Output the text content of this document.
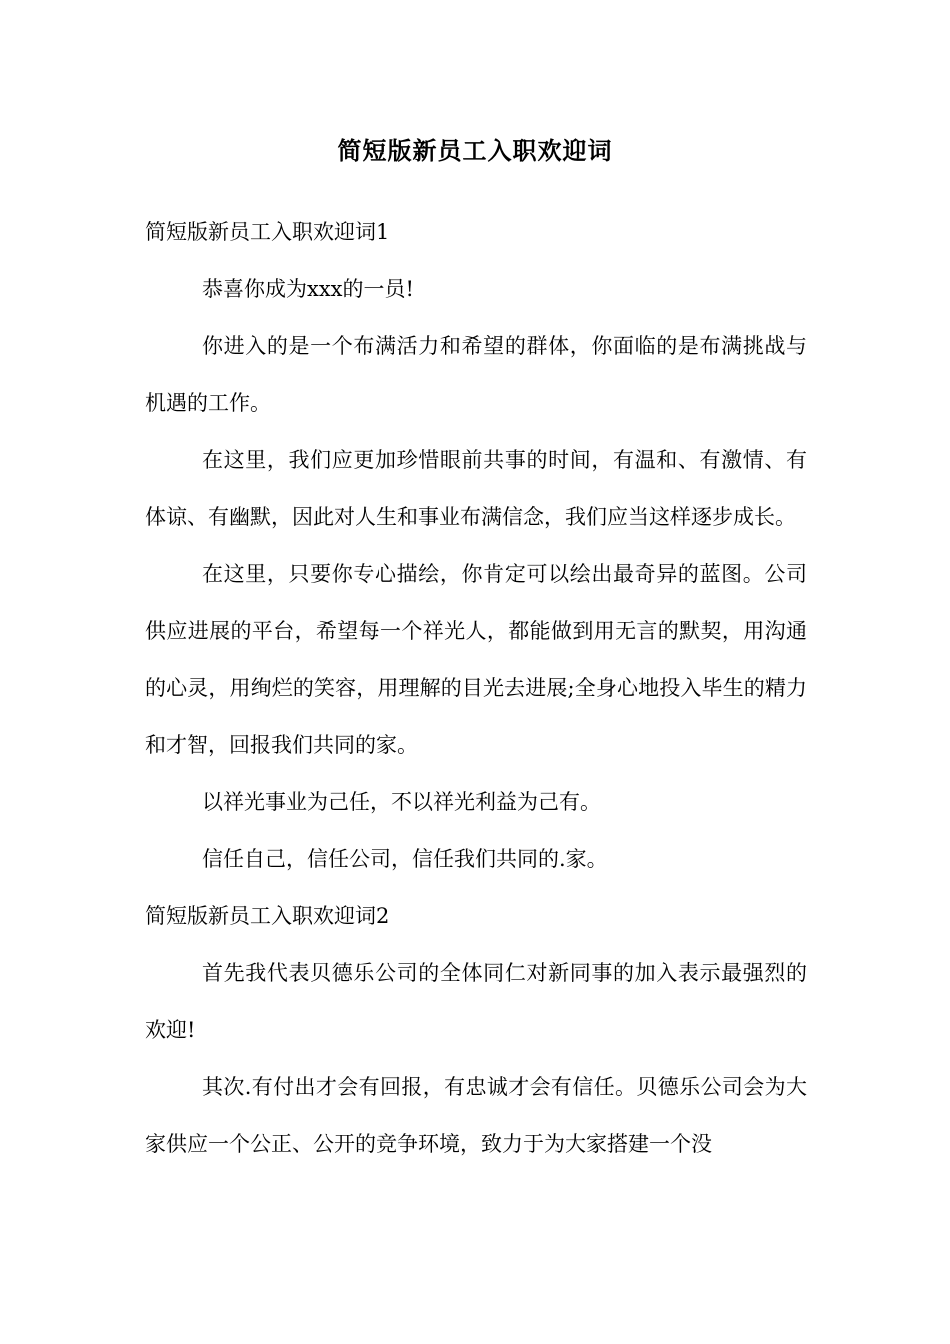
简短版新员工入职欢迎词

简短版新员工入职欢迎词1

恭喜你成为xxx的一员!

你进入的是一个布满活力和希望的群体，你面临的是布满挑战与机遇的工作。

在这里，我们应更加珍惜眼前共事的时间，有温和、有激情、有体谅、有幽默，因此对人生和事业布满信念，我们应当这样逐步成长。

在这里，只要你专心描绘，你肯定可以绘出最奇异的蓝图。公司供应进展的平台，希望每一个祥光人，都能做到用无言的默契，用沟通的心灵，用绚烂的笑容，用理解的目光去进展;全身心地投入毕生的精力和才智，回报我们共同的家。

以祥光事业为己任，不以祥光利益为己有。

信任自己，信任公司，信任我们共同的.家。

简短版新员工入职欢迎词2

首先我代表贝德乐公司的全体同仁对新同事的加入表示最强烈的欢迎!

其次.有付出才会有回报，有忠诚才会有信任。贝德乐公司会为大家供应一个公正、公开的竞争环境，致力于为大家搭建一个没
